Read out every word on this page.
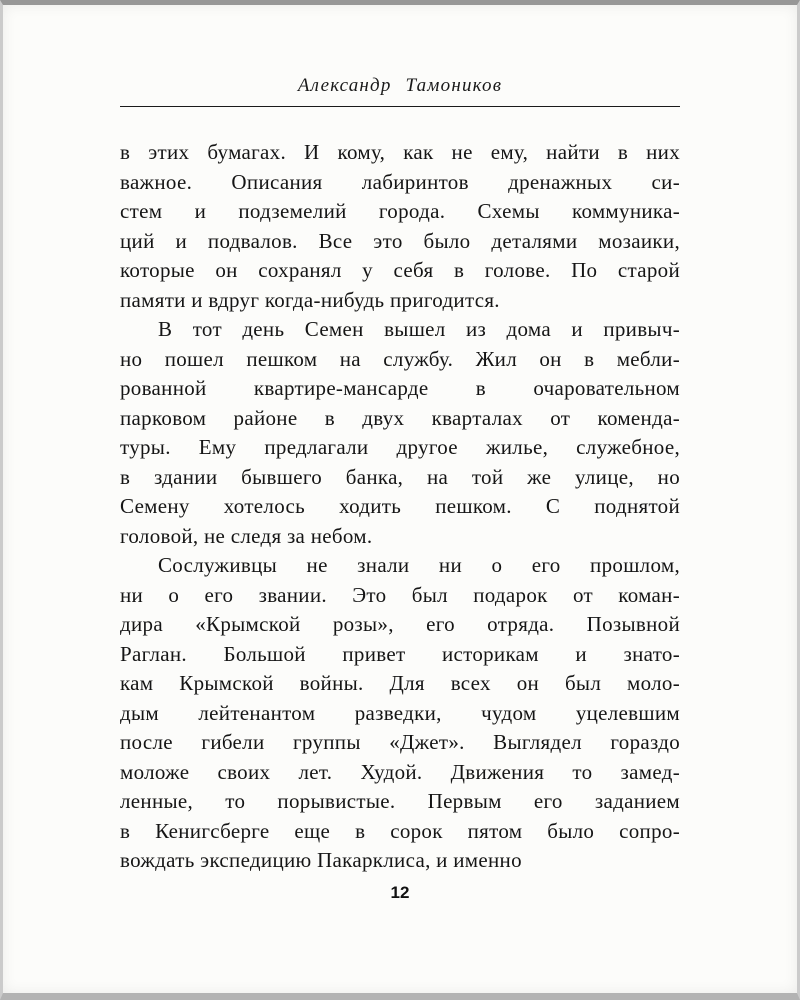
Александр Тамоников
в этих бумагах. И кому, как не ему, найти в них
важное. Описания лабиринтов дренажных си-
стем и подземелий города. Схемы коммуника-
ций и подвалов. Все это было деталями мозаики,
которые он сохранял у себя в голове. По старой
памяти и вдруг когда-нибудь пригодится.
В тот день Семен вышел из дома и привыч-
но пошел пешком на службу. Жил он в мебли-
рованной квартире-мансарде в очаровательном
парковом районе в двух кварталах от коменда-
туры. Ему предлагали другое жилье, служебное,
в здании бывшего банка, на той же улице, но
Семену хотелось ходить пешком. С поднятой
головой, не следя за небом.
Сослуживцы не знали ни о его прошлом,
ни о его звании. Это был подарок от коман-
дира «Крымской розы», его отряда. Позывной
Раглан. Большой привет историкам и знато-
кам Крымской войны. Для всех он был моло-
дым лейтенантом разведки, чудом уцелевшим
после гибели группы «Джет». Выглядел гораздо
моложе своих лет. Худой. Движения то замед-
ленные, то порывистые. Первым его заданием
в Кенигсберге еще в сорок пятом было сопро-
вождать экспедицию Пакарклиса, и именно
12
